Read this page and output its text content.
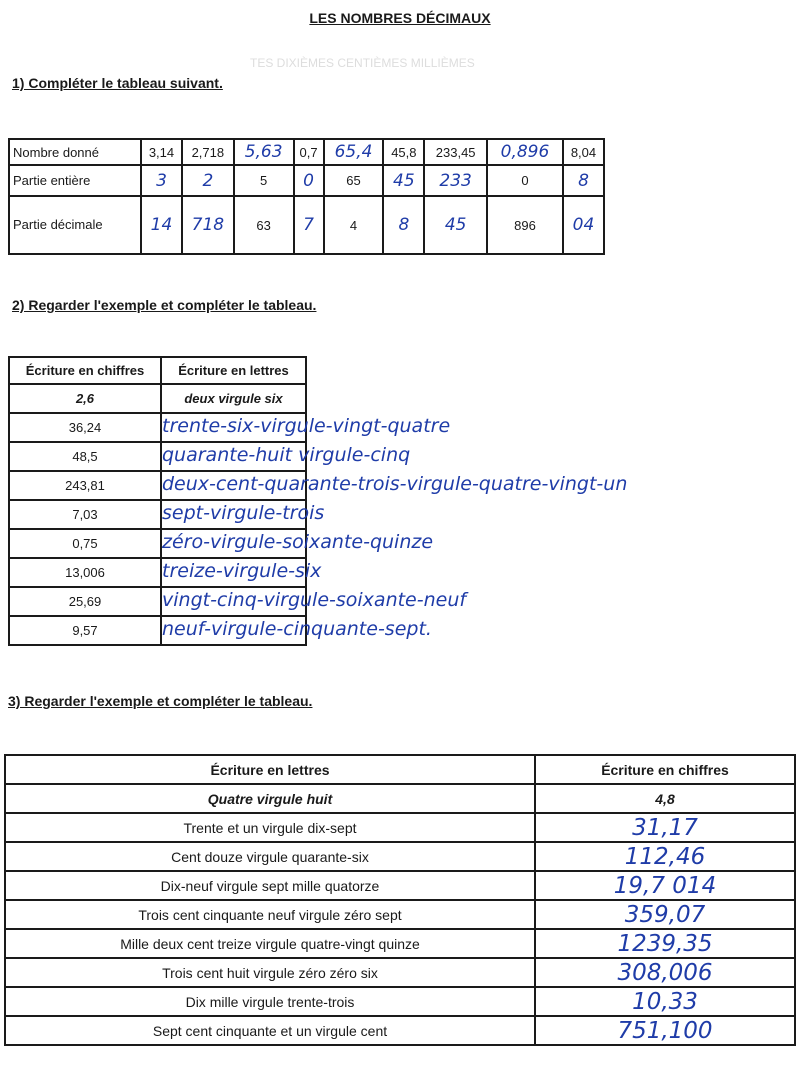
LES NOMBRES DÉCIMAUX
TES DIXIÈMES CENTIÈMES MILLIÈMES
1) Compléter le tableau suivant.
Nombre donné	3,14	2,718	5,63	0,7	65,4	45,8	233,45	0,896	8,04
Partie entière	3	2	5	0	65	45	233	0	8
Partie décimale	14	718	63	7	4	8	45	896	04
2) Regarder l'exemple et compléter le tableau.
Écriture en chiffres	Écriture en lettres
2,6	deux virgule six
36,24	trente-six-virgule-vingt-quatre

48,5	quarante-huit virgule-cinq

243,81	deux-cent-quarante-trois-virgule-quatre-vingt-un

7,03	sept-virgule-trois

0,75	zéro-virgule-soixante-quinze

13,006	treize-virgule-six

25,69	vingt-cinq-virgule-soixante-neuf

9,57	neuf-virgule-cinquante-sept.
3) Regarder l'exemple et compléter le tableau.
Écriture en lettres	Écriture en chiffres
Quatre virgule huit	4,8
Trente et un virgule dix-sept	31,17
Cent douze virgule quarante-six	112,46
Dix-neuf virgule sept mille quatorze	19,7 014
Trois cent cinquante neuf virgule zéro sept	359,07
Mille deux cent treize virgule quatre-vingt quinze	1239,35
Trois cent huit virgule zéro zéro six	308,006
Dix mille virgule trente-trois	10,33
Sept cent cinquante et un virgule cent	751,100
